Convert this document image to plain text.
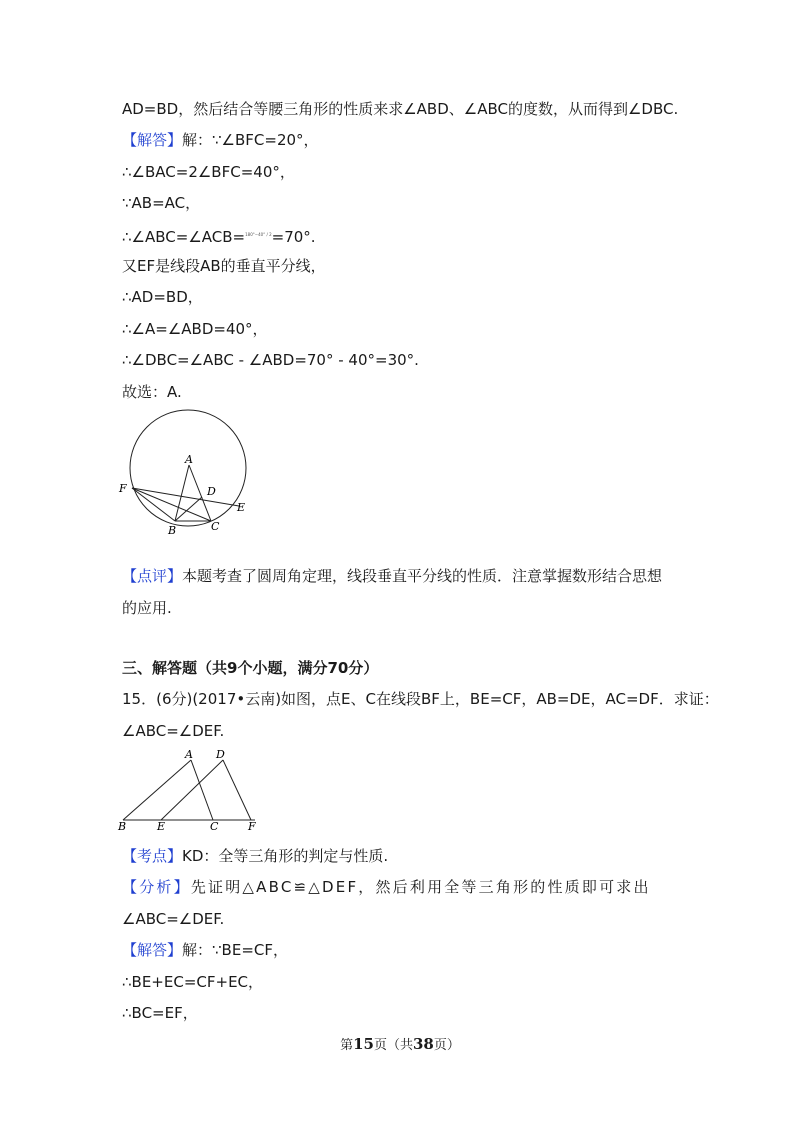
AD=BD，然后结合等腰三角形的性质来求∠ABD、∠ABC的度数，从而得到∠DBC.
【解答】解：∵∠BFC=20°，
∴∠BAC=2∠BFC=40°，
∵AB=AC，
∴∠ABC=∠ACB=$^{180^\circ-40^\circ / 2}$=70°.
又EF是线段AB的垂直平分线，
∴AD=BD，
∴∠A=∠ABD=40°，
∴∠DBC=∠ABC - ∠ABD=70° - 40°=30°.
故选：A.
A
D
F
E
B	C
【点评】本题考查了圆周角定理，线段垂直平分线的性质．注意掌握数形结合思想
的应用.
三、解答题（共9个小题，满分70分）
15．(6分)(2017•云南)如图，点E、C在线段BF上，BE=CF，AB=DE，AC=DF．求证：
∠ABC=∠DEF.
A D
B	E	C	F
【考点】KD：全等三角形的判定与性质.
【分析】先证明△ABC≌△DEF，然后利用全等三角形的性质即可求出
∠ABC=∠DEF.
【解答】解：∵BE=CF，
∴BE+EC=CF+EC，
∴BC=EF，
第15页（共38页）
